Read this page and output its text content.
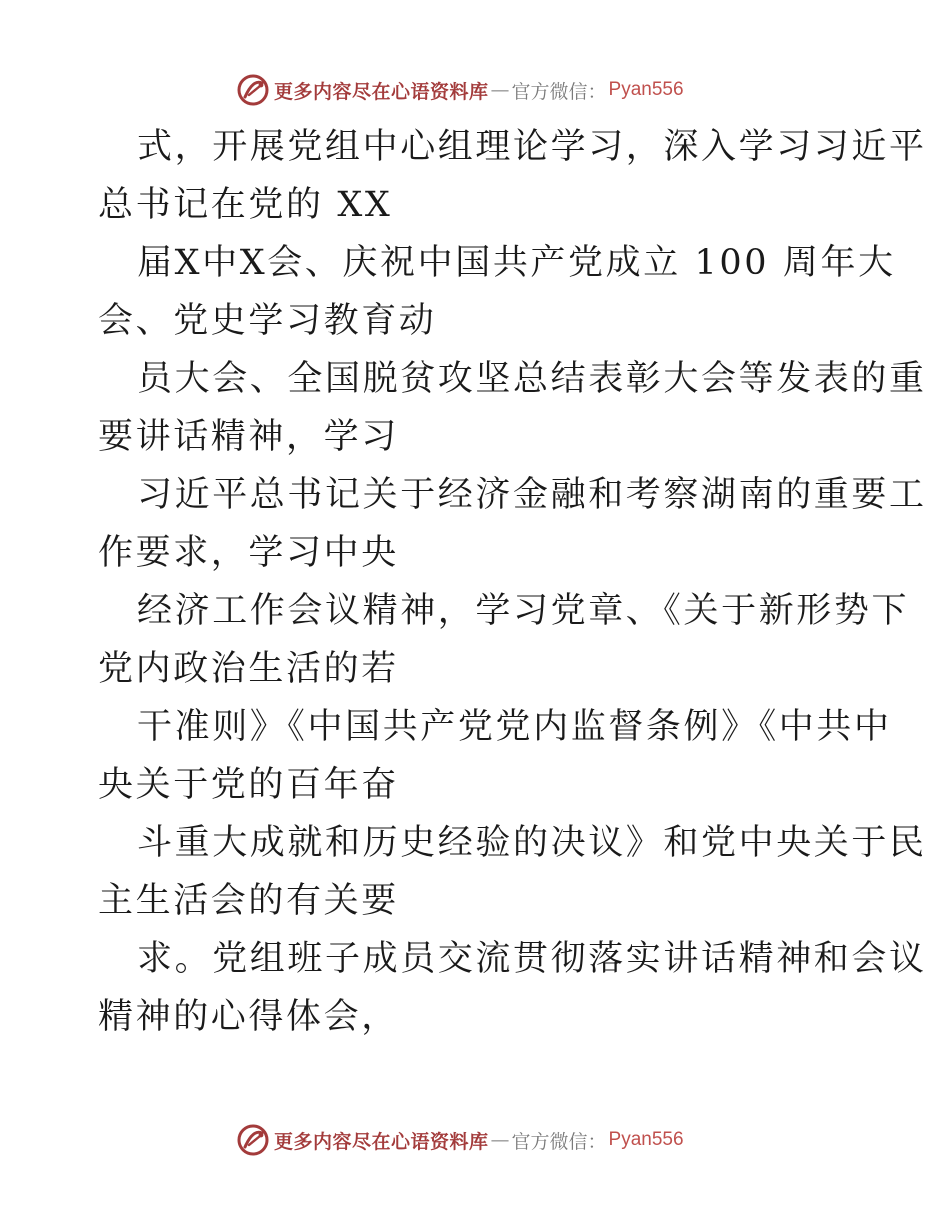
更多内容尽在心语资料库 — 官方微信： Pyan556
式，开展党组中心组理论学习，深入学习习近平
总书记在党的 XX
届X中X会、庆祝中国共产党成立 100 周年大
会、党史学习教育动
员大会、全国脱贫攻坚总结表彰大会等发表的重
要讲话精神，学习
习近平总书记关于经济金融和考察湖南的重要工
作要求，学习中央
经济工作会议精神，学习党章、《关于新形势下
党内政治生活的若
干准则》《中国共产党党内监督条例》《中共中
央关于党的百年奋
斗重大成就和历史经验的决议》和党中央关于民
主生活会的有关要
求。党组班子成员交流贯彻落实讲话精神和会议
精神的心得体会，
更多内容尽在心语资料库 — 官方微信： Pyan556
